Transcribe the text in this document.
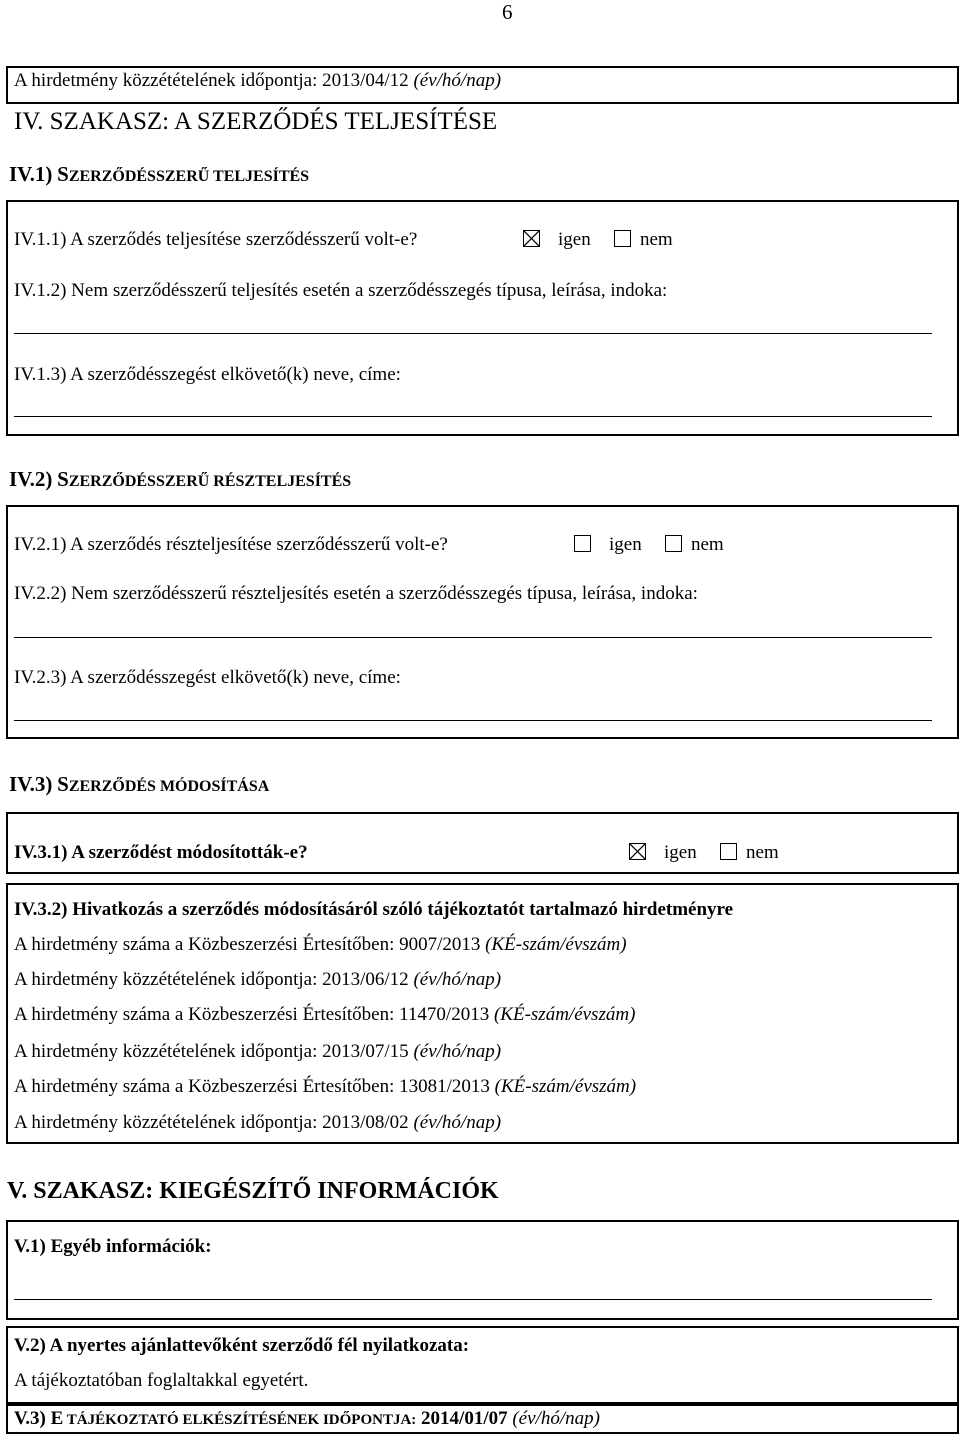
6
A hirdetmény közzétételének időpontja: 2013/04/12 (év/hó/nap)
IV. SZAKASZ: A SZERZŐDÉS TELJESÍTÉSE
IV.1) SZERZŐDÉSSZERŰ TELJESÍTÉS
IV.1.1) A szerződés teljesítése szerződésszerű volt-e?	igen	nem
IV.1.2) Nem szerződésszerű teljesítés esetén a szerződésszegés típusa, leírása, indoka:
IV.1.3) A szerződésszegést elkövető(k) neve, címe:
IV.2) SZERZŐDÉSSZERŰ RÉSZTELJESÍTÉS
IV.2.1) A szerződés részteljesítése szerződésszerű volt-e?	igen	nem
IV.2.2) Nem szerződésszerű részteljesítés esetén a szerződésszegés típusa, leírása, indoka:
IV.2.3) A szerződésszegést elkövető(k) neve, címe:
IV.3) SZERZŐDÉS MÓDOSÍTÁSA
IV.3.1) A szerződést módosították-e?	igen	nem
IV.3.2) Hivatkozás a szerződés módosításáról szóló tájékoztatót tartalmazó hirdetményre
A hirdetmény száma a Közbeszerzési Értesítőben: 9007/2013 (KÉ-szám/évszám)
A hirdetmény közzétételének időpontja: 2013/06/12 (év/hó/nap)
A hirdetmény száma a Közbeszerzési Értesítőben: 11470/2013 (KÉ-szám/évszám)
A hirdetmény közzétételének időpontja: 2013/07/15 (év/hó/nap)
A hirdetmény száma a Közbeszerzési Értesítőben: 13081/2013 (KÉ-szám/évszám)
A hirdetmény közzétételének időpontja: 2013/08/02 (év/hó/nap)
V. SZAKASZ: KIEGÉSZÍTŐ INFORMÁCIÓK
V.1) Egyéb információk:
V.2) A nyertes ajánlattevőként szerződő fél nyilatkozata:
A tájékoztatóban foglaltakkal egyetért.
V.3) E TÁJÉKOZTATÓ ELKÉSZÍTÉSÉNEK IDŐPONTJA: 2014/01/07 (év/hó/nap)
